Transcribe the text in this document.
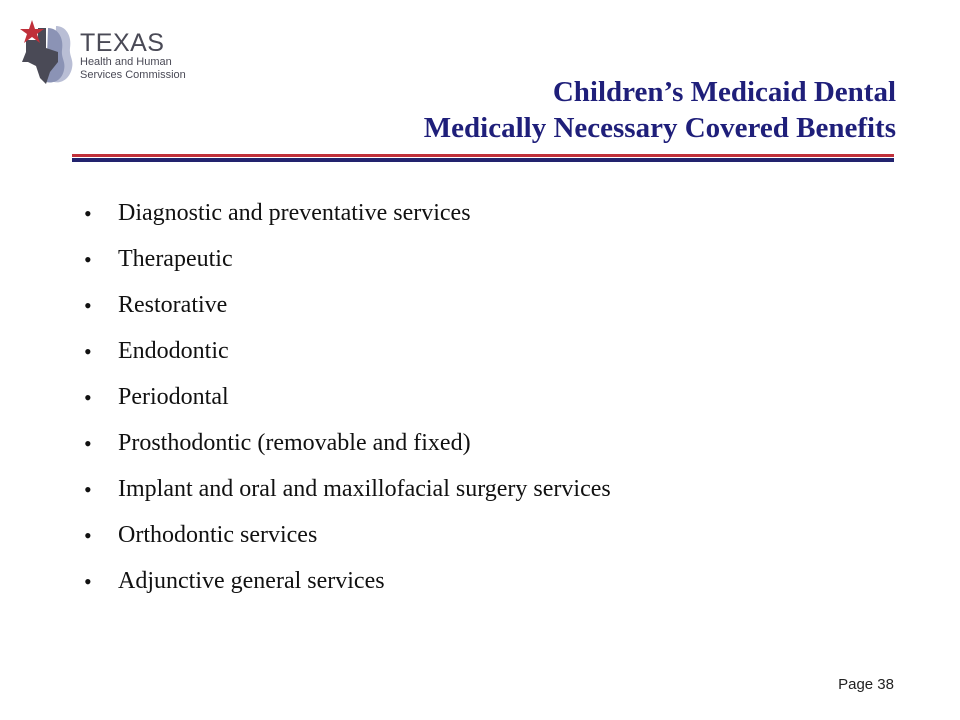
TEXAS
Health and Human
Services Commission
Children’s Medicaid Dental
Medically Necessary Covered Benefits
•	Diagnostic and preventative services
•	Therapeutic
•	Restorative
•	Endodontic
•	Periodontal
•	Prosthodontic (removable and fixed)
•	Implant and oral and maxillofacial surgery services
•	Orthodontic services
•	Adjunctive general services
Page 38
